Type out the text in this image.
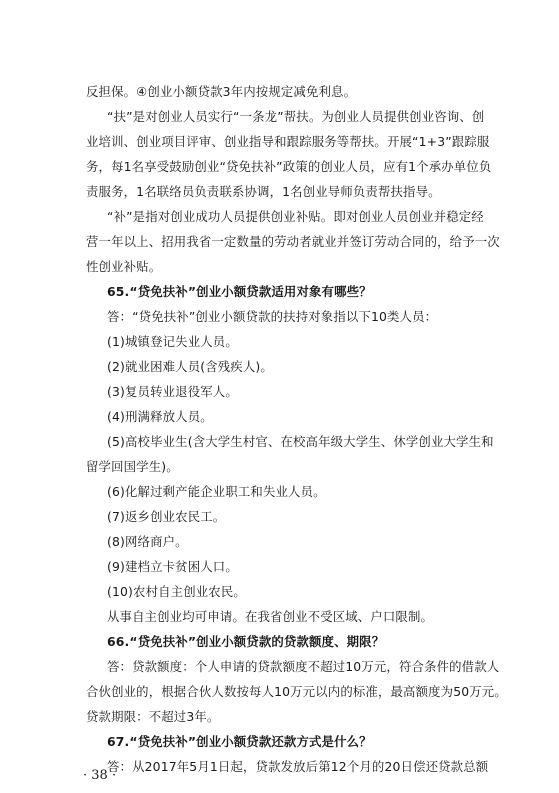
反担保。④创业小额贷款3年内按规定减免利息。
“扶”是对创业人员实行“一条龙”帮扶。为创业人员提供创业咨询、创
业培训、创业项目评审、创业指导和跟踪服务等帮扶。开展“1+3”跟踪服
务，每1名享受鼓励创业“贷免扶补”政策的创业人员，应有1个承办单位负
责服务，1名联络员负责联系协调，1名创业导师负责帮扶指导。
“补”是指对创业成功人员提供创业补贴。即对创业人员创业并稳定经
营一年以上、招用我省一定数量的劳动者就业并签订劳动合同的，给予一次
性创业补贴。
65.“贷免扶补”创业小额贷款适用对象有哪些？
答：“贷免扶补”创业小额贷款的扶持对象指以下10类人员：
(1)城镇登记失业人员。
(2)就业困难人员(含残疾人)。
(3)复员转业退役军人。
(4)刑满释放人员。
(5)高校毕业生(含大学生村官、在校高年级大学生、休学创业大学生和
留学回国学生)。
(6)化解过剩产能企业职工和失业人员。
(7)返乡创业农民工。
(8)网络商户。
(9)建档立卡贫困人口。
(10)农村自主创业农民。
从事自主创业均可申请。在我省创业不受区域、户口限制。
66.“贷免扶补”创业小额贷款的贷款额度、期限？
答：贷款额度：个人申请的贷款额度不超过10万元，符合条件的借款人
合伙创业的，根据合伙人数按每人10万元以内的标准，最高额度为50万元。
贷款期限：不超过3年。
67.“贷免扶补”创业小额贷款还款方式是什么？
答：从2017年5月1日起，贷款发放后第12个月的20日偿还贷款总额
· 38 ·
